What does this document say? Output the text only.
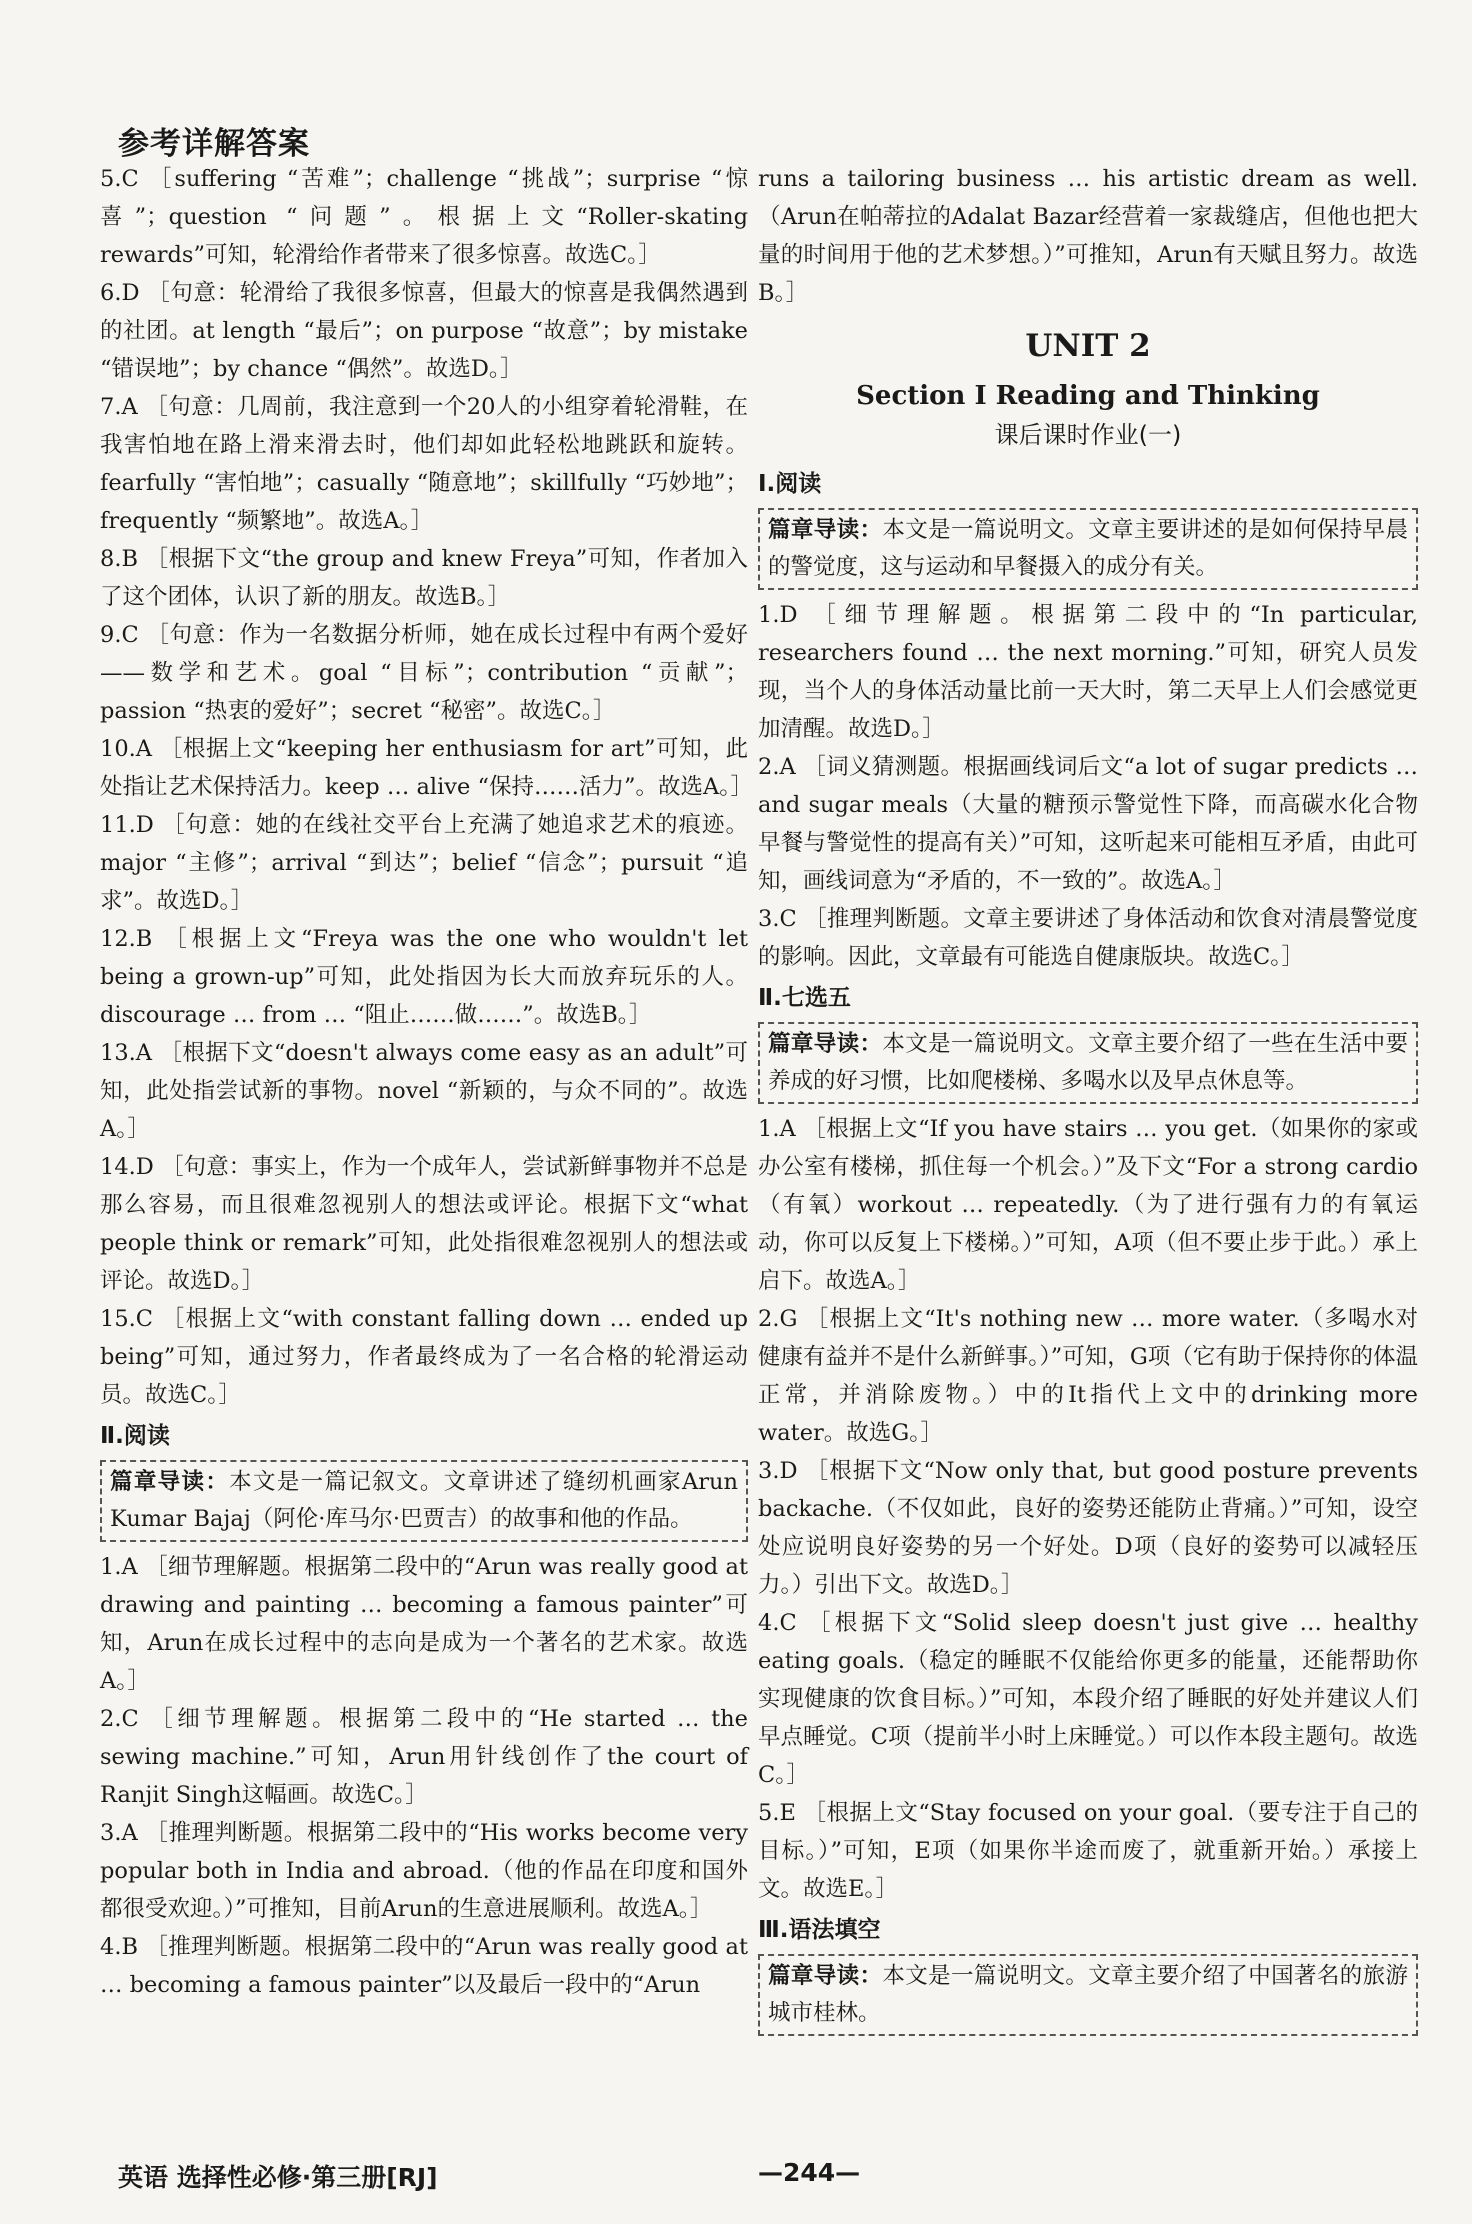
参考详解答案

5.C ［suffering “苦难”；challenge “挑战”；surprise “惊喜”；question “问题”。根据上文“Roller-skating rewards”可知，轮滑给作者带来了很多惊喜。故选C。］

6.D ［句意：轮滑给了我很多惊喜，但最大的惊喜是我偶然遇到的社团。at length “最后”；on purpose “故意”；by mistake “错误地”；by chance “偶然”。故选D。］

7.A ［句意：几周前，我注意到一个20人的小组穿着轮滑鞋，在我害怕地在路上滑来滑去时，他们却如此轻松地跳跃和旋转。fearfully “害怕地”；casually “随意地”；skillfully “巧妙地”；frequently “频繁地”。故选A。］

8.B ［根据下文“the group and knew Freya”可知，作者加入了这个团体，认识了新的朋友。故选B。］

9.C ［句意：作为一名数据分析师，她在成长过程中有两个爱好——数学和艺术。goal “目标”；contribution “贡献”；passion “热衷的爱好”；secret “秘密”。故选C。］

10.A ［根据上文“keeping her enthusiasm for art”可知，此处指让艺术保持活力。keep … alive “保持……活力”。故选A。］

11.D ［句意：她的在线社交平台上充满了她追求艺术的痕迹。major “主修”；arrival “到达”；belief “信念”；pursuit “追求”。故选D。］

12.B ［根据上文“Freya was the one who wouldn't let being a grown-up”可知，此处指因为长大而放弃玩乐的人。discourage … from … “阻止……做……”。故选B。］

13.A ［根据下文“doesn't always come easy as an adult”可知，此处指尝试新的事物。novel “新颖的，与众不同的”。故选A。］

14.D ［句意：事实上，作为一个成年人，尝试新鲜事物并不总是那么容易，而且很难忽视别人的想法或评论。根据下文“what people think or remark”可知，此处指很难忽视别人的想法或评论。故选D。］

15.C ［根据上文“with constant falling down … ended up being”可知，通过努力，作者最终成为了一名合格的轮滑运动员。故选C。］

Ⅱ.阅读
篇章导读：本文是一篇记叙文。文章讲述了缝纫机画家Arun Kumar Bajaj（阿伦·库马尔·巴贾吉）的故事和他的作品。

1.A ［细节理解题。根据第二段中的“Arun was really good at drawing and painting … becoming a famous painter”可知，Arun在成长过程中的志向是成为一个著名的艺术家。故选A。］

2.C ［细节理解题。根据第二段中的“He started … the sewing machine.”可知，Arun用针线创作了the court of Ranjit Singh这幅画。故选C。］

3.A ［推理判断题。根据第二段中的“His works become very popular both in India and abroad.（他的作品在印度和国外都很受欢迎。）”可推知，目前Arun的生意进展顺利。故选A。］

4.B ［推理判断题。根据第二段中的“Arun was really good at … becoming a famous painter”以及最后一段中的“Arun

runs a tailoring business … his artistic dream as well.（Arun在帕蒂拉的Adalat Bazar经营着一家裁缝店，但他也把大量的时间用于他的艺术梦想。）”可推知，Arun有天赋且努力。故选B。］

UNIT 2
Section Ⅰ Reading and Thinking
课后课时作业(一)
Ⅰ.阅读
篇章导读：本文是一篇说明文。文章主要讲述的是如何保持早晨的警觉度，这与运动和早餐摄入的成分有关。

1.D ［细节理解题。根据第二段中的“In particular, researchers found … the next morning.”可知，研究人员发现，当个人的身体活动量比前一天大时，第二天早上人们会感觉更加清醒。故选D。］

2.A ［词义猜测题。根据画线词后文“a lot of sugar predicts … and sugar meals（大量的糖预示警觉性下降，而高碳水化合物早餐与警觉性的提高有关）”可知，这听起来可能相互矛盾，由此可知，画线词意为“矛盾的，不一致的”。故选A。］

3.C ［推理判断题。文章主要讲述了身体活动和饮食对清晨警觉度的影响。因此，文章最有可能选自健康版块。故选C。］

Ⅱ.七选五
篇章导读：本文是一篇说明文。文章主要介绍了一些在生活中要养成的好习惯，比如爬楼梯、多喝水以及早点休息等。

1.A ［根据上文“If you have stairs … you get.（如果你的家或办公室有楼梯，抓住每一个机会。）”及下文“For a strong cardio（有氧）workout … repeatedly.（为了进行强有力的有氧运动，你可以反复上下楼梯。）”可知，A项（但不要止步于此。）承上启下。故选A。］

2.G ［根据上文“It's nothing new … more water.（多喝水对健康有益并不是什么新鲜事。）”可知，G项（它有助于保持你的体温正常，并消除废物。）中的It指代上文中的drinking more water。故选G。］

3.D ［根据下文“Now only that, but good posture prevents backache.（不仅如此，良好的姿势还能防止背痛。）”可知，设空处应说明良好姿势的另一个好处。D项（良好的姿势可以减轻压力。）引出下文。故选D。］

4.C ［根据下文“Solid sleep doesn't just give … healthy eating goals.（稳定的睡眠不仅能给你更多的能量，还能帮助你实现健康的饮食目标。）”可知，本段介绍了睡眠的好处并建议人们早点睡觉。C项（提前半小时上床睡觉。）可以作本段主题句。故选C。］

5.E ［根据上文“Stay focused on your goal.（要专注于自己的目标。）”可知，E项（如果你半途而废了，就重新开始。）承接上文。故选E。］

Ⅲ.语法填空
篇章导读：本文是一篇说明文。文章主要介绍了中国著名的旅游城市桂林。
英语 选择性必修·第三册[RJ]	—244—
